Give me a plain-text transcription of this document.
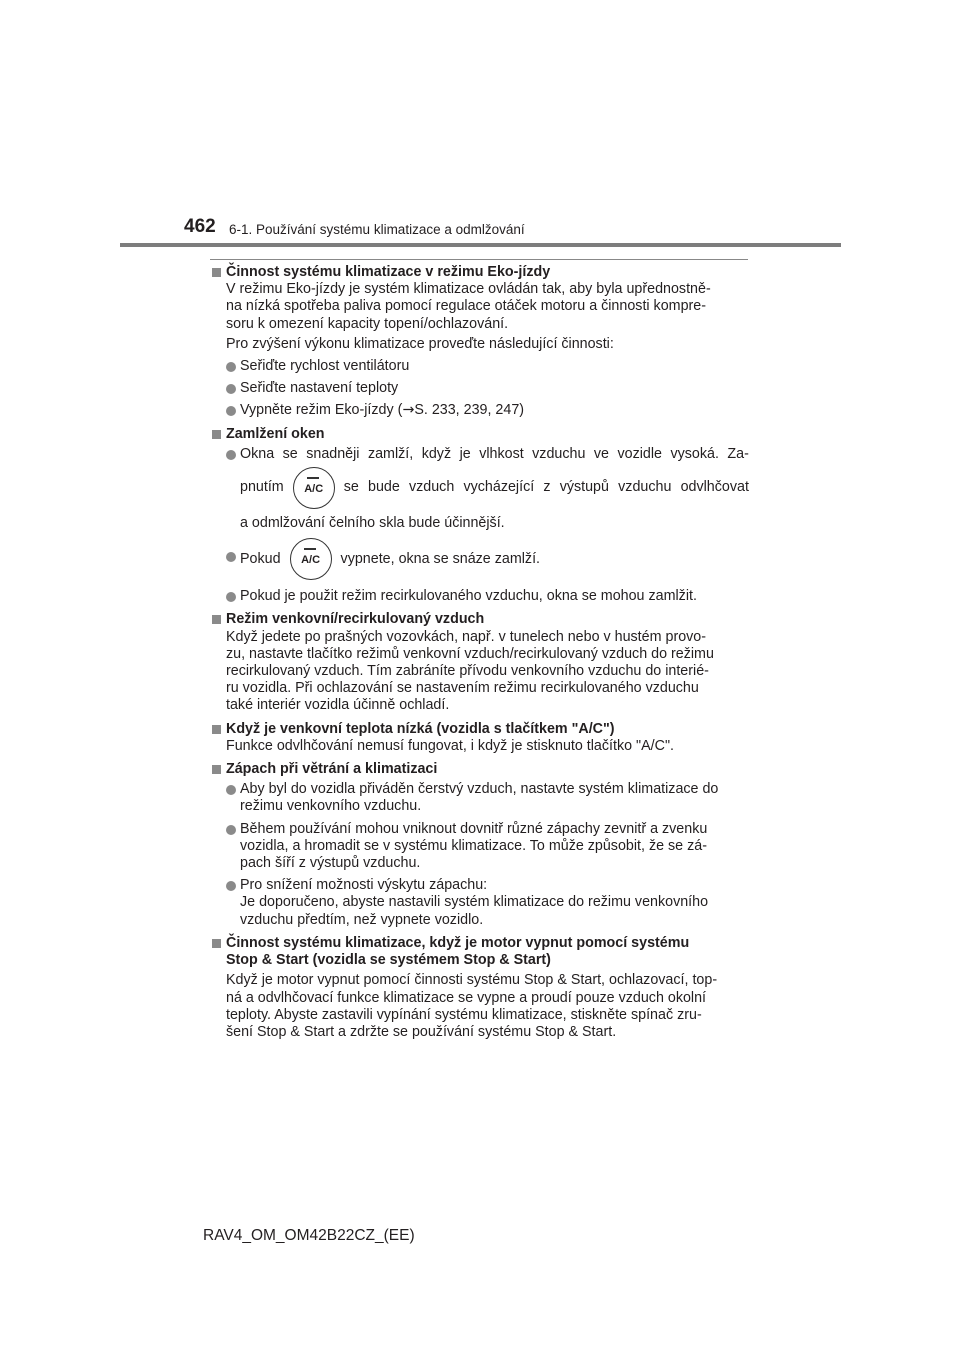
462 6-1. Používání systému klimatizace a odmlžování

Činnost systému klimatizace v režimu Eko-jízdy

V režimu Eko-jízdy je systém klimatizace ovládán tak, aby byla upřednostně-
na nízká spotřeba paliva pomocí regulace otáček motoru a činnosti kompre-
soru k omezení kapacity topení/ochlazování.

Pro zvýšení výkonu klimatizace proveďte následující činnosti:

Seřiďte rychlost ventilátoru
Seřiďte nastavení teploty
Vypněte režim Eko-jízdy (→S. 233, 239, 247)

Zamlžení oken

Okna se snadněji zamlží, když je vlhkost vzduchu ve vozidle vysoká. Za-
pnutím A/C se bude vzduch vycházející z výstupů vzduchu odvlhčovat
a odmlžování čelního skla bude účinnější.
Pokud A/C vypnete, okna se snáze zamlží.
Pokud je použit režim recirkulovaného vzduchu, okna se mohou zamlžit.

Režim venkovní/recirkulovaný vzduch

Když jedete po prašných vozovkách, např. v tunelech nebo v hustém provo-
zu, nastavte tlačítko režimů venkovní vzduch/recirkulovaný vzduch do režimu
recirkulovaný vzduch. Tím zabráníte přívodu venkovního vzduchu do interié-
ru vozidla. Při ochlazování se nastavením režimu recirkulovaného vzduchu
také interiér vozidla účinně ochladí.

Když je venkovní teplota nízká (vozidla s tlačítkem "A/C")

Funkce odvlhčování nemusí fungovat, i když je stisknuto tlačítko "A/C".

Zápach při větrání a klimatizaci

Aby byl do vozidla přiváděn čerstvý vzduch, nastavte systém klimatizace do
režimu venkovního vzduchu.
Během používání mohou vniknout dovnitř různé zápachy zevnitř a zvenku
vozidla, a hromadit se v systému klimatizace. To může způsobit, že se zá-
pach šíří z výstupů vzduchu.
Pro snížení možnosti výskytu zápachu:
Je doporučeno, abyste nastavili systém klimatizace do režimu venkovního
vzduchu předtím, než vypnete vozidlo.

Činnost systému klimatizace, když je motor vypnut pomocí systému
Stop & Start (vozidla se systémem Stop & Start)

Když je motor vypnut pomocí činnosti systému Stop & Start, ochlazovací, top-
ná a odvlhčovací funkce klimatizace se vypne a proudí pouze vzduch okolní
teploty. Abyste zastavili vypínání systému klimatizace, stiskněte spínač zru-
šení Stop & Start a zdržte se používání systému Stop & Start.

RAV4_OM_OM42B22CZ_(EE)
